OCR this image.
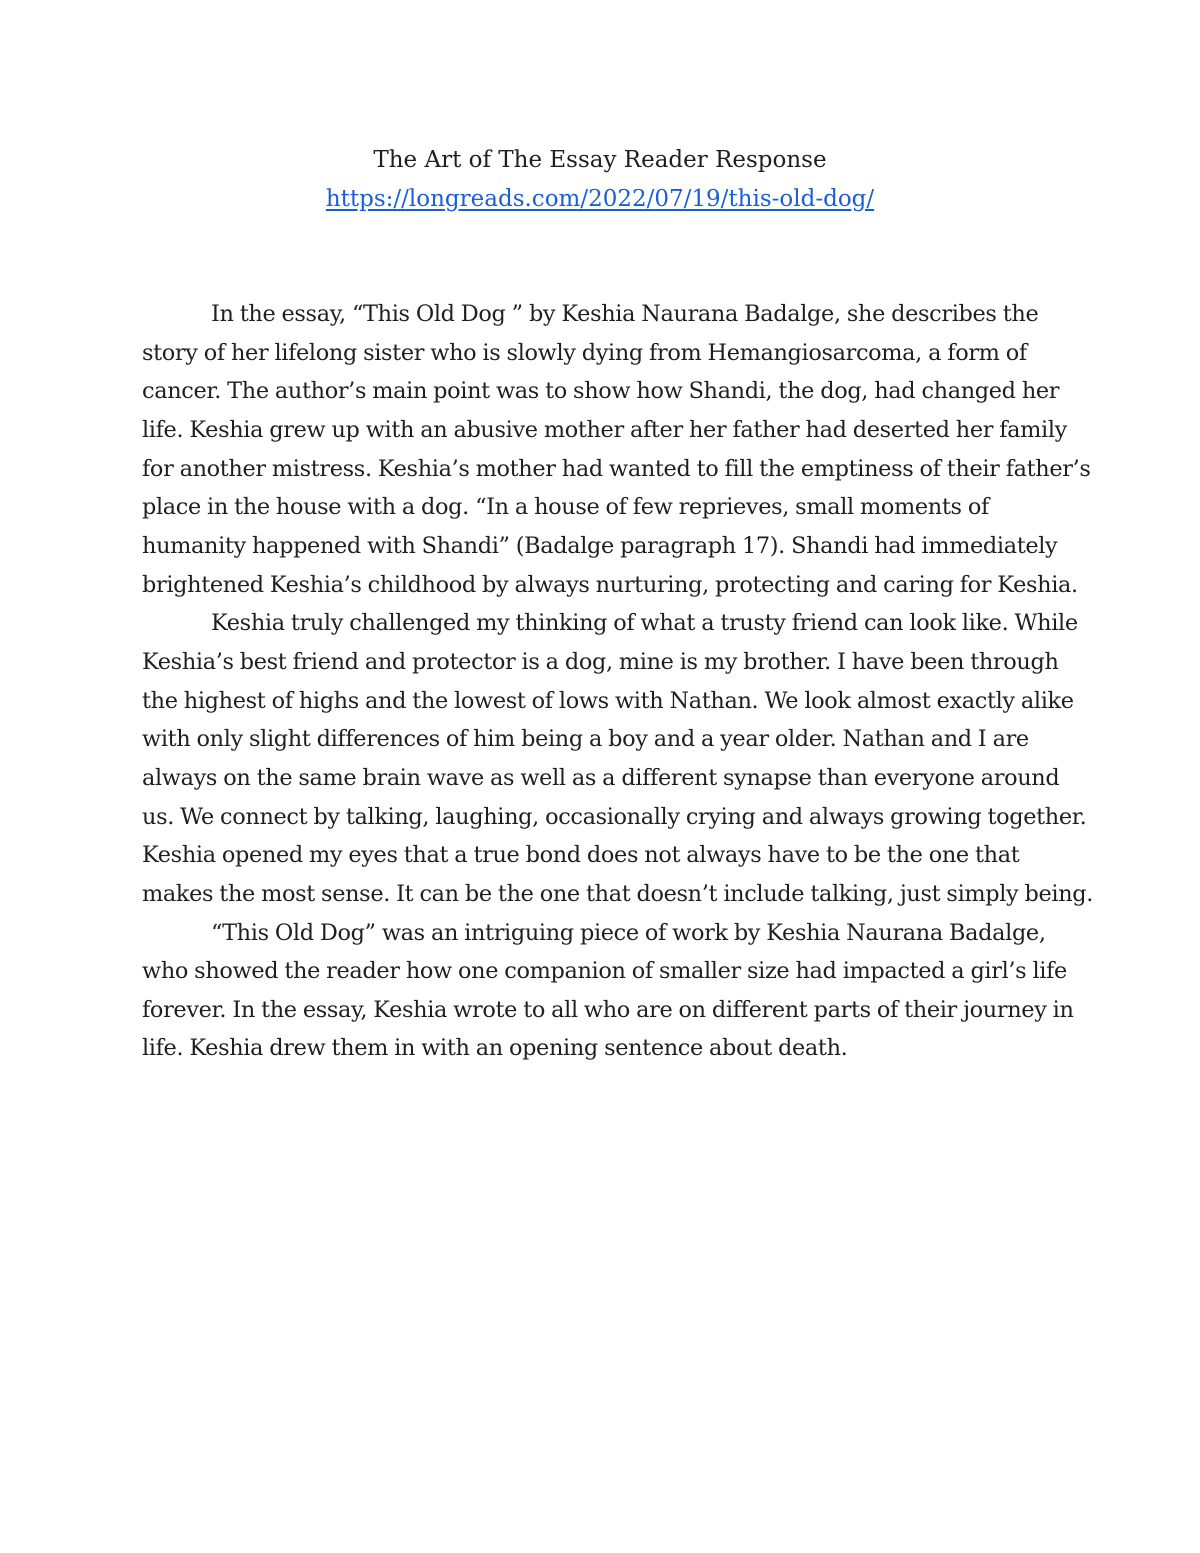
The Art of The Essay Reader Response
https://longreads.com/2022/07/19/this-old-dog/

In the essay, “This Old Dog ” by Keshia Naurana Badalge, she describes the story of her lifelong sister who is slowly dying from Hemangiosarcoma, a form of cancer. The author’s main point was to show how Shandi, the dog, had changed her life. Keshia grew up with an abusive mother after her father had deserted her family for another mistress. Keshia’s mother had wanted to fill the emptiness of their father’s place in the house with a dog. “In a house of few reprieves, small moments of humanity happened with Shandi” (Badalge paragraph 17). Shandi had immediately brightened Keshia’s childhood by always nurturing, protecting and caring for Keshia.

Keshia truly challenged my thinking of what a trusty friend can look like. While Keshia’s best friend and protector is a dog, mine is my brother. I have been through the highest of highs and the lowest of lows with Nathan. We look almost exactly alike with only slight differences of him being a boy and a year older. Nathan and I are always on the same brain wave as well as a different synapse than everyone around us. We connect by talking, laughing, occasionally crying and always growing together. Keshia opened my eyes that a true bond does not always have to be the one that makes the most sense. It can be the one that doesn’t include talking, just simply being.

“This Old Dog” was an intriguing piece of work by Keshia Naurana Badalge, who showed the reader how one companion of smaller size had impacted a girl’s life forever. In the essay, Keshia wrote to all who are on different parts of their journey in life. Keshia drew them in with an opening sentence about death.
